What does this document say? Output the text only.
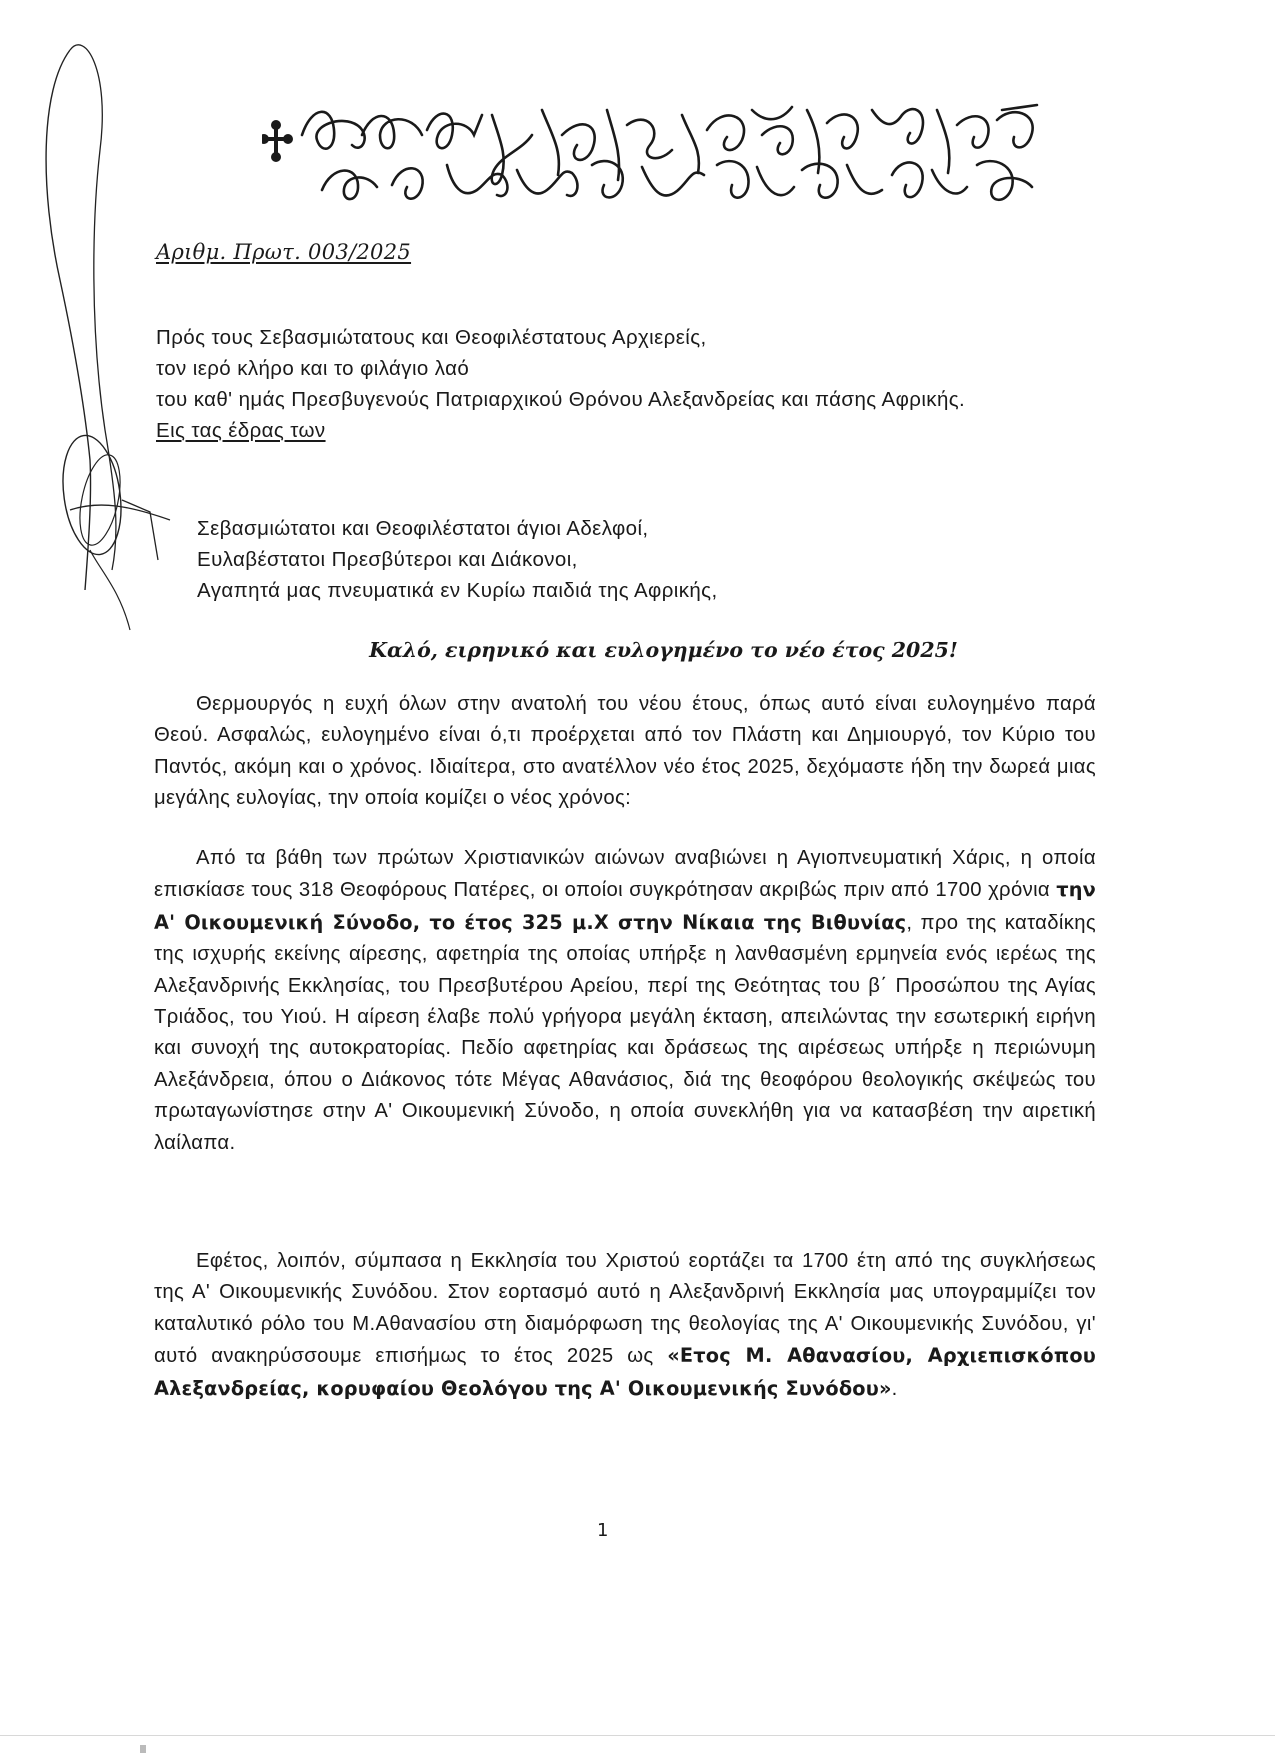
Αριθμ. Πρωτ. 003/2025
Πρός τους Σεβασμιώτατους και Θεοφιλέστατους Αρχιερείς,
τον ιερό κλήρο και το φιλάγιο λαό
του καθ' ημάς Πρεσβυγενούς Πατριαρχικού Θρόνου Αλεξανδρείας και πάσης Αφρικής.
Εις τας έδρας των
Σεβασμιώτατοι και Θεοφιλέστατοι άγιοι Αδελφοί,
Ευλαβέστατοι Πρεσβύτεροι και Διάκονοι,
Αγαπητά μας πνευματικά εν Κυρίω παιδιά της Αφρικής,
Καλό, ειρηνικό και ευλογημένο το νέο έτος 2025!

Θερμουργός η ευχή όλων στην ανατολή του νέου έτους, όπως αυτό είναι ευλογημένο παρά Θεού. Ασφαλώς, ευλογημένο είναι ό,τι προέρχεται από τον Πλάστη και Δημιουργό, τον Κύριο του Παντός, ακόμη και ο χρόνος. Ιδιαίτερα, στο ανατέλλον νέο έτος 2025, δεχόμαστε ήδη την δωρεά μιας μεγάλης ευλογίας, την οποία κομίζει ο νέος χρόνος:

Από τα βάθη των πρώτων Χριστιανικών αιώνων αναβιώνει η Αγιοπνευματική Χάρις, η οποία επισκίασε τους 318 Θεοφόρους Πατέρες, οι οποίοι συγκρότησαν ακριβώς πριν από 1700 χρόνια την Α' Οικουμενική Σύνοδο, το έτος 325 μ.Χ στην Νίκαια της Βιθυνίας, προ της καταδίκης της ισχυρής εκείνης αίρεσης, αφετηρία της οποίας υπήρξε η λανθασμένη ερμηνεία ενός ιερέως της Αλεξανδρινής Εκκλησίας, του Πρεσβυτέρου Αρείου, περί της Θεότητας του β΄ Προσώπου της Αγίας Τριάδος, του Υιού. Η αίρεση έλαβε πολύ γρήγορα μεγάλη έκταση, απειλώντας την εσωτερική ειρήνη και συνοχή της αυτοκρατορίας. Πεδίο αφετηρίας και δράσεως της αιρέσεως υπήρξε η περιώνυμη Αλεξάνδρεια, όπου ο Διάκονος τότε Μέγας Αθανάσιος, διά της θεοφόρου θεολογικής σκέψεώς του πρωταγωνίστησε στην Α' Οικουμενική Σύνοδο, η οποία συνεκλήθη για να κατασβέση την αιρετική λαίλαπα.

Εφέτος, λοιπόν, σύμπασα η Εκκλησία του Χριστού εορτάζει τα 1700 έτη από της συγκλήσεως της Α' Οικουμενικής Συνόδου. Στον εορτασμό αυτό η Αλεξανδρινή Εκκλησία μας υπογραμμίζει τον καταλυτικό ρόλο του Μ.Αθανασίου στη διαμόρφωση της θεολογίας της Α' Οικουμενικής Συνόδου, γι' αυτό ανακηρύσσουμε επισήμως το έτος 2025 ως «Ετος Μ. Αθανασίου, Αρχιεπισκόπου Αλεξανδρείας, κορυφαίου Θεολόγου της Α' Οικουμενικής Συνόδου».

1
